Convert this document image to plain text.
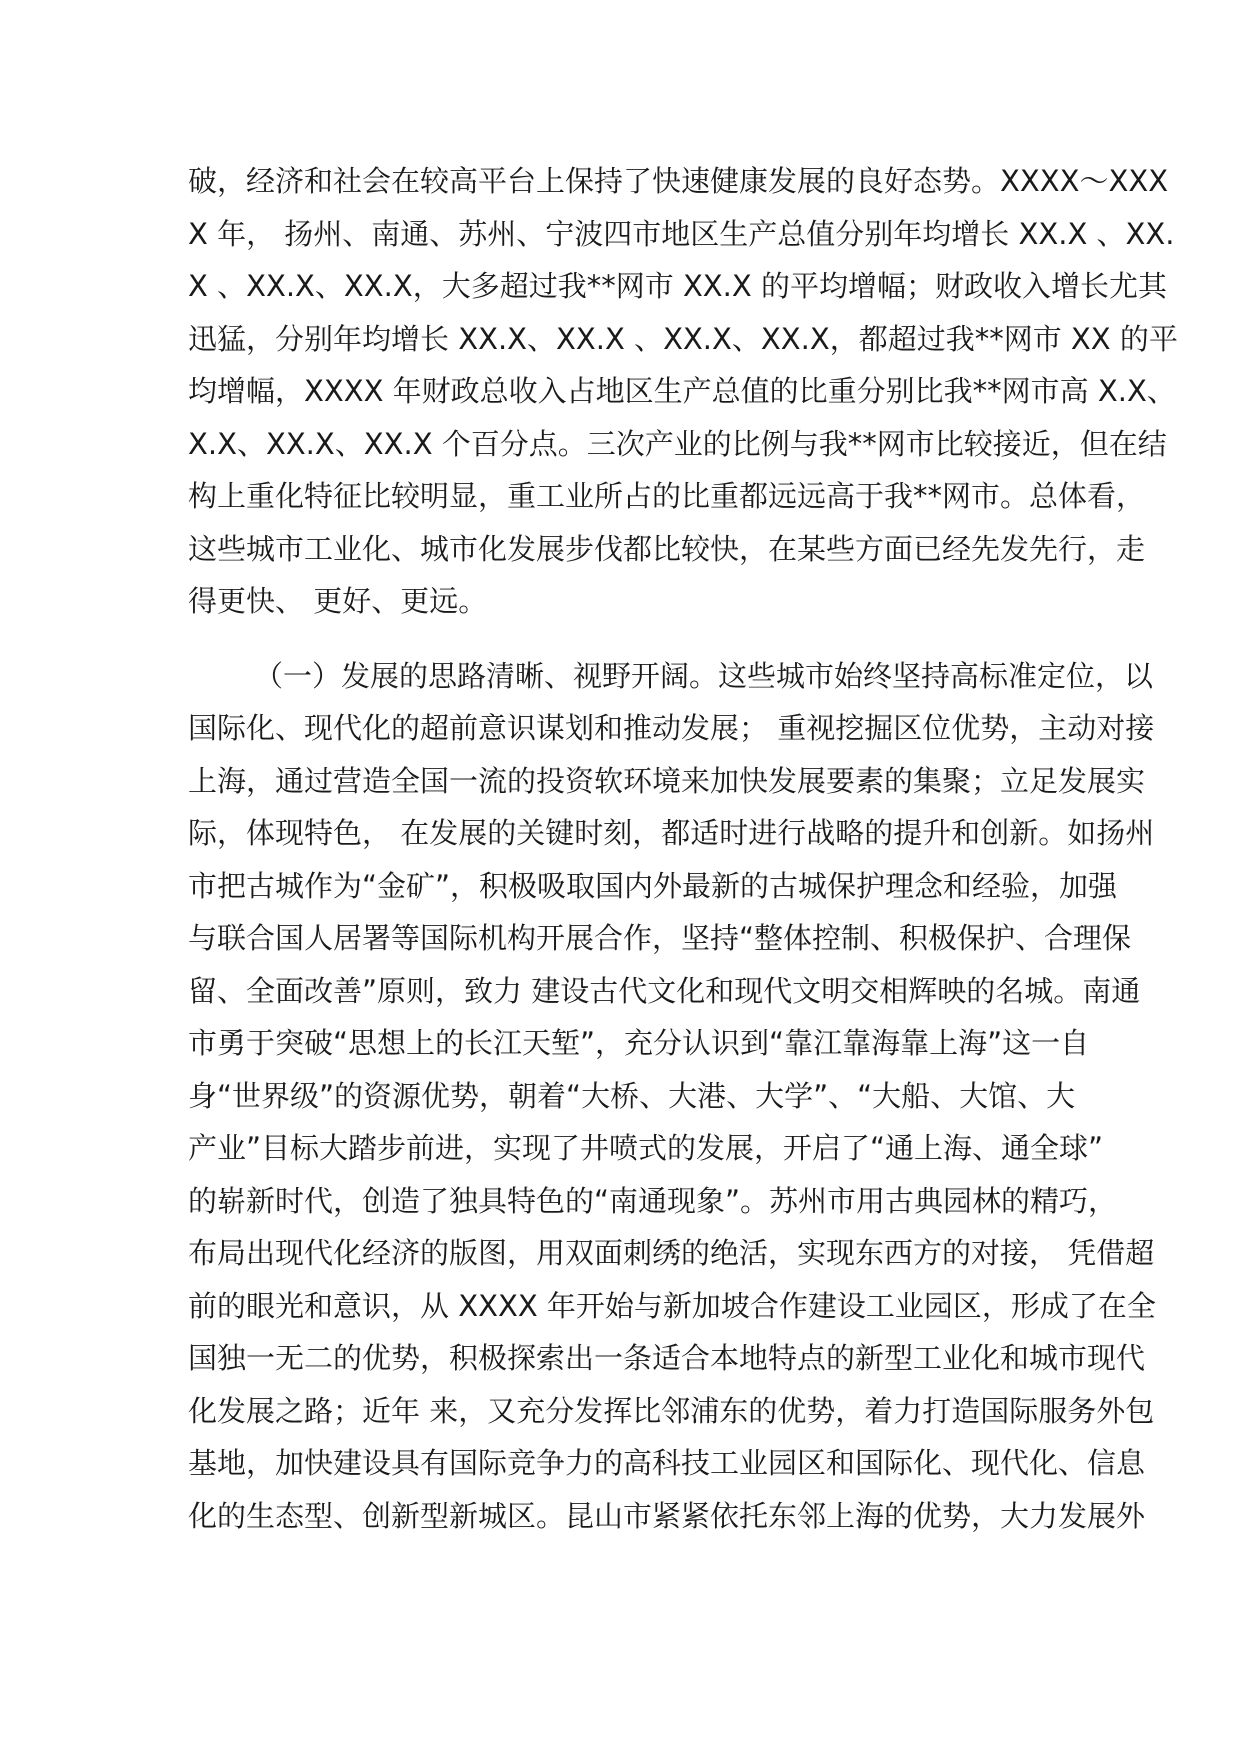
破，经济和社会在较高平台上保持了快速健康发展的良好态势。XXXX～XXX
X 年， 扬州、南通、苏州、宁波四市地区生产总值分别年均增长 XX.X 、XX.
X 、XX.X、XX.X，大多超过我**网市 XX.X 的平均增幅；财政收入增长尤其
迅猛，分别年均增长 XX.X、XX.X 、XX.X、XX.X，都超过我**网市 XX 的平
均增幅，XXXX 年财政总收入占地区生产总值的比重分别比我**网市高 X.X、
X.X、XX.X、XX.X 个百分点。三次产业的比例与我**网市比较接近，但在结
构上重化特征比较明显，重工业所占的比重都远远高于我**网市。总体看，
这些城市工业化、城市化发展步伐都比较快，在某些方面已经先发先行，走
得更快、 更好、更远。
（一）发展的思路清晰、视野开阔。这些城市始终坚持高标准定位，以
国际化、现代化的超前意识谋划和推动发展； 重视挖掘区位优势，主动对接
上海，通过营造全国一流的投资软环境来加快发展要素的集聚；立足发展实
际，体现特色， 在发展的关键时刻，都适时进行战略的提升和创新。如扬州
市把古城作为“金矿”，积极吸取国内外最新的古城保护理念和经验，加强
与联合国人居署等国际机构开展合作，坚持“整体控制、积极保护、合理保
留、全面改善”原则，致力 建设古代文化和现代文明交相辉映的名城。南通
市勇于突破“思想上的长江天堑”，充分认识到“靠江靠海靠上海”这一自
身“世界级”的资源优势，朝着“大桥、大港、大学”、“大船、大馆、大
产业”目标大踏步前进，实现了井喷式的发展，开启了“通上海、通全球”
的崭新时代，创造了独具特色的“南通现象”。苏州市用古典园林的精巧，
布局出现代化经济的版图，用双面刺绣的绝活，实现东西方的对接， 凭借超
前的眼光和意识，从 XXXX 年开始与新加坡合作建设工业园区，形成了在全
国独一无二的优势，积极探索出一条适合本地特点的新型工业化和城市现代
化发展之路；近年 来，又充分发挥比邻浦东的优势，着力打造国际服务外包
基地，加快建设具有国际竞争力的高科技工业园区和国际化、现代化、信息
化的生态型、创新型新城区。昆山市紧紧依托东邻上海的优势，大力发展外
